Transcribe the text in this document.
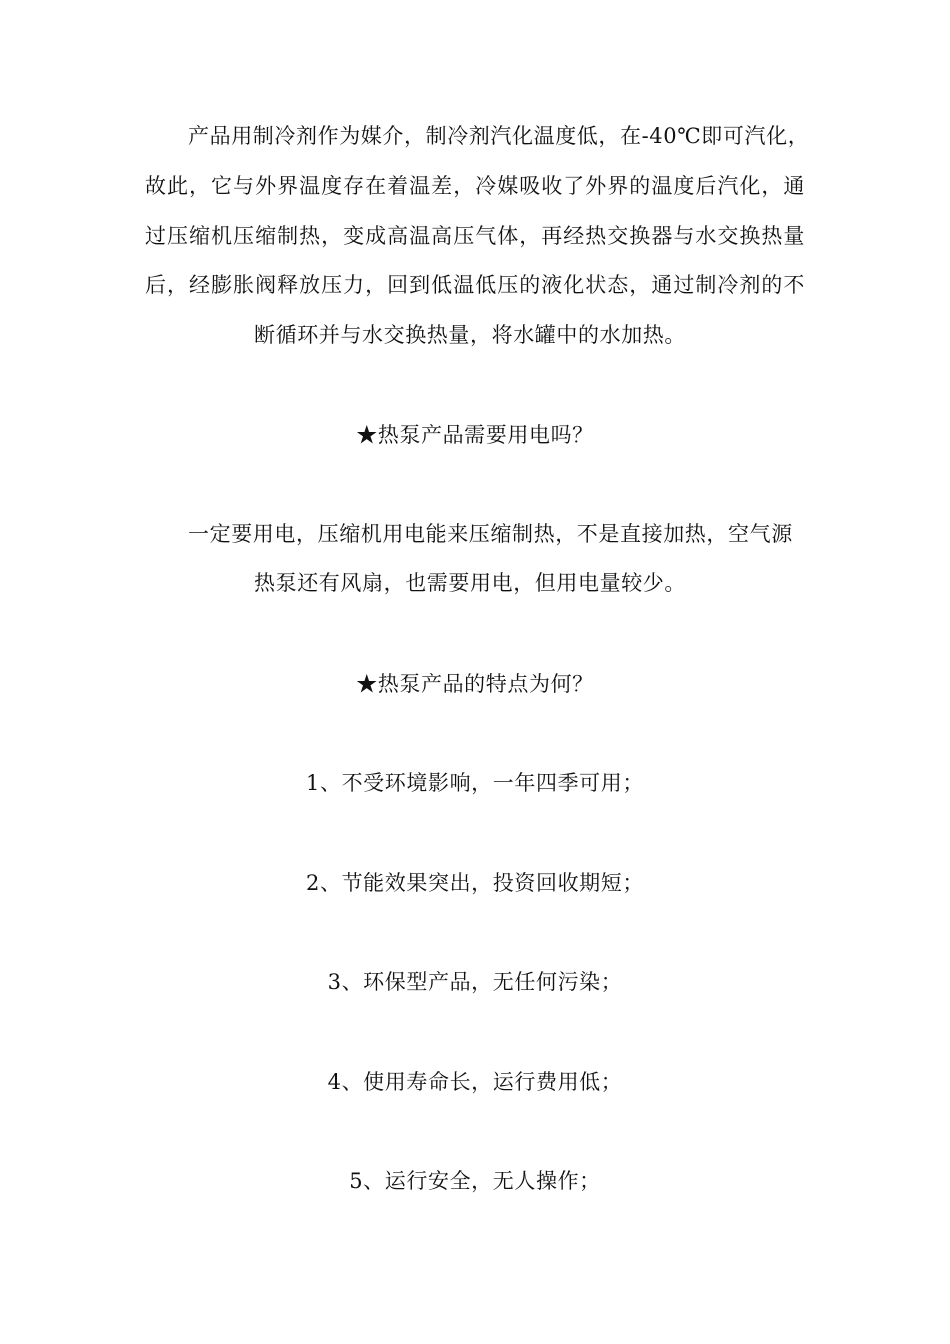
产品用制冷剂作为媒介，制冷剂汽化温度低，在-40℃即可汽化，
故此，它与外界温度存在着温差，冷媒吸收了外界的温度后汽化，通
过压缩机压缩制热，变成高温高压气体，再经热交换器与水交换热量
后，经膨胀阀释放压力，回到低温低压的液化状态，通过制冷剂的不
断循环并与水交换热量，将水罐中的水加热。
★热泵产品需要用电吗？
一定要用电，压缩机用电能来压缩制热，不是直接加热，空气源
热泵还有风扇，也需要用电，但用电量较少。
★热泵产品的特点为何？
1、不受环境影响，一年四季可用；
2、节能效果突出，投资回收期短；
3、环保型产品，无任何污染；
4、使用寿命长，运行费用低；
5、运行安全，无人操作；
